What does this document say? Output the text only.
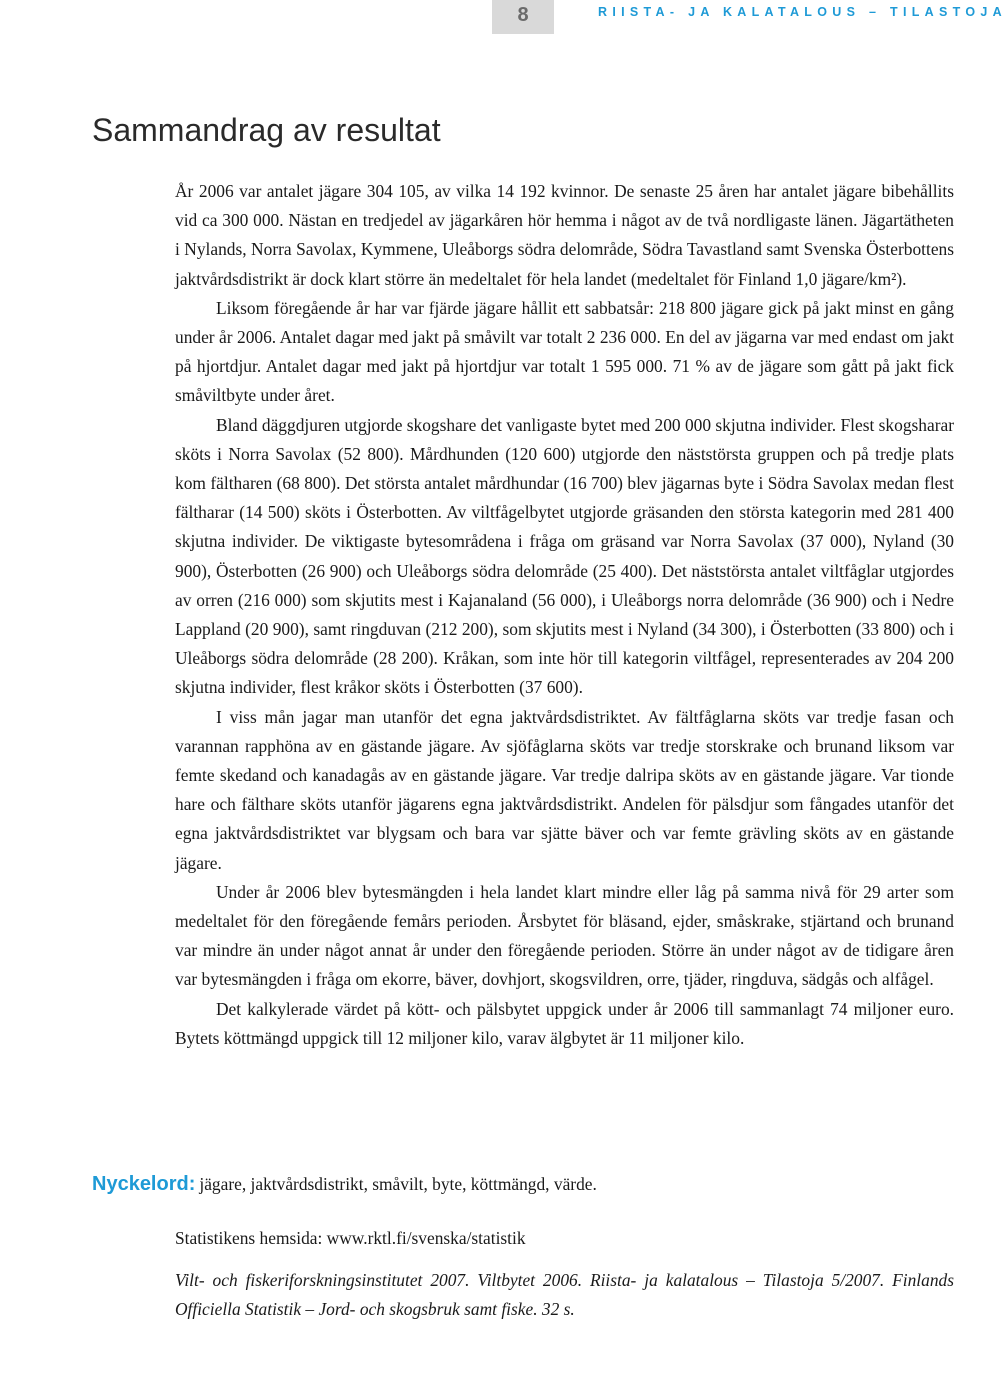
8	RIISTA- JA KALATALOUS – TILASTOJA
Sammandrag av resultat

År 2006 var antalet jägare 304 105, av vilka 14 192 kvinnor. De senaste 25 åren har antalet jägare bibehållits vid ca 300 000. Nästan en tredjedel av jägarkåren hör hemma i något av de två nordligaste länen. Jägartätheten i Nylands, Norra Savolax, Kymmene, Uleåborgs södra delområde, Södra Tavastland samt Svenska Österbottens jaktvårdsdistrikt är dock klart större än medeltalet för hela landet (medeltalet för Finland 1,0 jägare/km²).

Liksom föregående år har var fjärde jägare hållit ett sabbatsår: 218 800 jägare gick på jakt minst en gång under år 2006. Antalet dagar med jakt på småvilt var totalt 2 236 000. En del av jägarna var med endast om jakt på hjortdjur. Antalet dagar med jakt på hjortdjur var totalt 1 595 000. 71 % av de jägare som gått på jakt fick småviltbyte under året.

Bland däggdjuren utgjorde skogshare det vanligaste bytet med 200 000 skjutna individer. Flest skogsharar sköts i Norra Savolax (52 800). Mårdhunden (120 600) utgjorde den näststörsta gruppen och på tredje plats kom fältharen (68 800). Det största antalet mårdhundar (16 700) blev jägarnas byte i Södra Savolax medan flest fältharar (14 500) sköts i Österbotten. Av viltfågelbytet utgjorde gräsanden den största kategorin med 281 400 skjutna individer. De viktigaste bytesområdena i fråga om gräsand var Norra Savolax (37 000), Nyland (30 900), Österbotten (26 900) och Uleåborgs södra delområde (25 400). Det näststörsta antalet viltfåglar utgjordes av orren (216 000) som skjutits mest i Kajanaland (56 000), i Uleåborgs norra delområde (36 900) och i Nedre Lappland (20 900), samt ringduvan (212 200), som skjutits mest i Nyland (34 300), i Österbotten (33 800) och i Uleåborgs södra delområde (28 200). Kråkan, som inte hör till kategorin viltfågel, representerades av 204 200 skjutna individer, flest kråkor sköts i Österbotten (37 600).

I viss mån jagar man utanför det egna jaktvårdsdistriktet. Av fältfåglarna sköts var tredje fasan och varannan rapphöna av en gästande jägare. Av sjöfåglarna sköts var tredje storskrake och brunand liksom var femte skedand och kanadagås av en gästande jägare. Var tredje dalripa sköts av en gästande jägare. Var tionde hare och fälthare sköts utanför jägarens egna jaktvårdsdistrikt. Andelen för pälsdjur som fångades utanför det egna jaktvårdsdistriktet var blygsam och bara var sjätte bäver och var femte grävling sköts av en gästande jägare.

Under år 2006 blev bytesmängden i hela landet klart mindre eller låg på samma nivå för 29 arter som medeltalet för den föregående femårs perioden. Årsbytet för bläsand, ejder, småskrake, stjärtand och brunand var mindre än under något annat år under den föregående perioden. Större än under något av de tidigare åren var bytesmängden i fråga om ekorre, bäver, dovhjort, skogsvildren, orre, tjäder, ringduva, sädgås och alfågel.

Det kalkylerade värdet på kött- och pälsbytet uppgick under år 2006 till sammanlagt 74 miljoner euro. Bytets köttmängd uppgick till 12 miljoner kilo, varav älgbytet är 11 miljoner kilo.

Nyckelord: jägare, jaktvårdsdistrikt, småvilt, byte, köttmängd, värde.
Statistikens hemsida: www.rktl.fi/svenska/statistik
Vilt- och fiskeriforskningsinstitutet 2007. Viltbytet 2006. Riista- ja kalatalous – Tilastoja 5/2007. Finlands Officiella Statistik – Jord- och skogsbruk samt fiske. 32 s.
